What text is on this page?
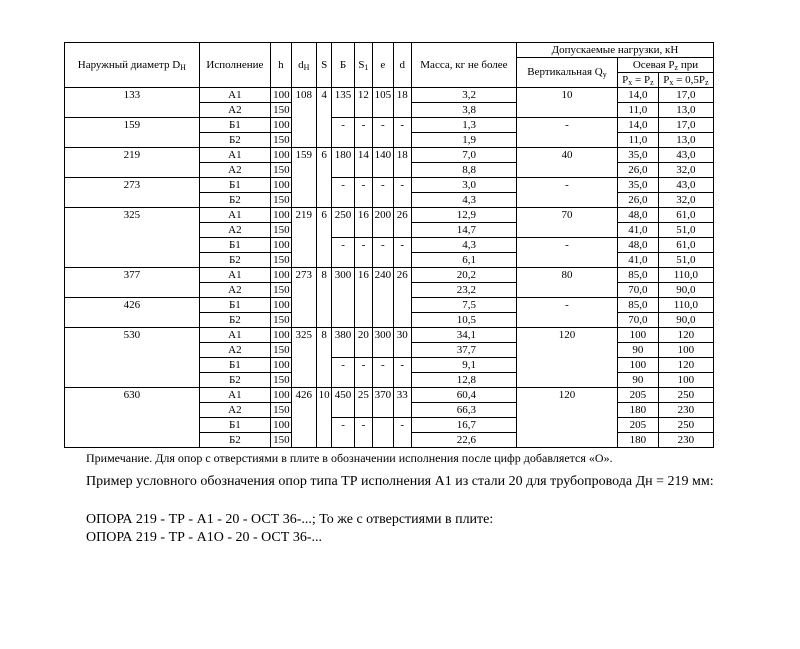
Наружный диаметр $D_Н$	Исполнение	h	$d_Н$	S	Б	$S_1$	e	d	Масса, кг не более	Допускаемые нагрузки, кН		
										Вертикальная $Q_y$	Осевая $P_z$ при	
											$P_x = P_z$	$P_x = 0,5P_z$
133	А1	100	108	4	135	12	105	18	3,2	10	14,0	17,0
	А2	150							3,8		11,0	13,0
159	Б1	100			-	-	-	-	1,3	-	14,0	17,0
	Б2	150							1,9		11,0	13,0
219	А1	100	159	6	180	14	140	18	7,0	40	35,0	43,0
	А2	150							8,8		26,0	32,0
273	Б1	100			-	-	-	-	3,0	-	35,0	43,0
	Б2	150							4,3		26,0	32,0
325	А1	100	219	6	250	16	200	26	12,9	70	48,0	61,0
	А2	150							14,7		41,0	51,0
	Б1	100			-	-	-	-	4,3	-	48,0	61,0
	Б2	150							6,1		41,0	51,0
377	А1	100	273	8	300	16	240	26	20,2	80	85,0	110,0
	А2	150							23,2		70,0	90,0
426	Б1	100							7,5	-	85,0	110,0
	Б2	150							10,5		70,0	90,0
530	А1	100	325	8	380	20	300	30	34,1	120	100	120
	А2	150							37,7		90	100
	Б1	100			-	-	-	-	9,1		100	120
	Б2	150							12,8		90	100
630	А1	100	426	10	450	25	370	33	60,4	120	205	250
	А2	150							66,3		180	230
	Б1	100			-	-		-	16,7		205	250
	Б2	150							22,6		180	230
Примечание. Для опор с отверстиями в плите в обозначении исполнения после цифр добавляется «О».
Пример условного обозначения опор типа ТР исполнения А1 из стали 20 для трубопровода Дн = 219 мм:
ОПОРА 219 - ТР - А1 - 20 - ОСТ 36-...; То же с отверстиями в плите:
ОПОРА 219 - ТР - А1О - 20 - ОСТ 36-...
